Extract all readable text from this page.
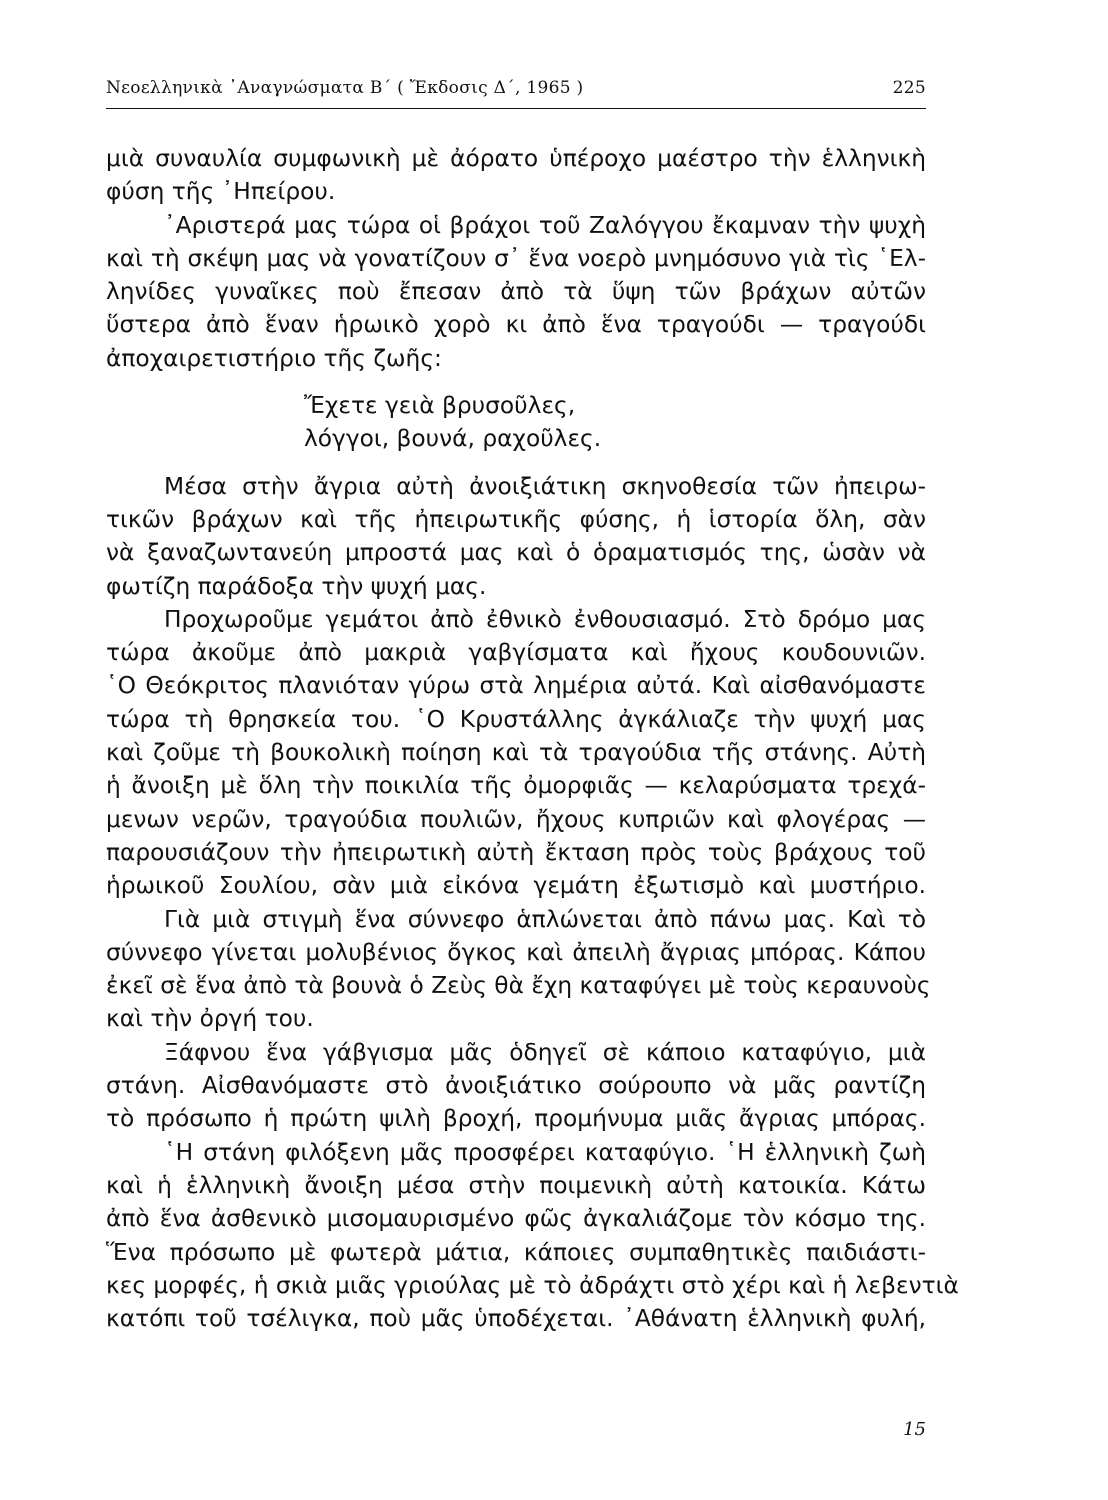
Νεοελληνικὰ ᾿Αναγνώσματα Β΄ ( Ἔκδοσις Δ΄, 1965 )	225
μιὰ συναυλία συμφωνικὴ μὲ ἀόρατο ὑπέροχο μαέστρο τὴν ἑλληνικὴ
φύση τῆς ᾿Ηπείρου.
᾿Αριστερά μας τώρα οἱ βράχοι τοῦ Ζαλόγγου ἔκαμναν τὴν ψυχὴ
καὶ τὴ σκέψη μας νὰ γονατίζουν σ᾿ ἕνα νοερὸ μνημόσυνο γιὰ τὶς ῾Ελ-
ληνίδες γυναῖκες ποὺ ἔπεσαν ἀπὸ τὰ ὕψη τῶν βράχων αὐτῶν
ὕστερα ἀπὸ ἕναν ἡρωικὸ χορὸ κι ἀπὸ ἕνα τραγούδι — τραγούδι
ἀποχαιρετιστήριο τῆς ζωῆς:
Ἔχετε γειὰ βρυσοῦλες,
λόγγοι, βουνά, ραχοῦλες.
Μέσα στὴν ἄγρια αὐτὴ ἀνοιξιάτικη σκηνοθεσία τῶν ἠπειρω-
τικῶν βράχων καὶ τῆς ἠπειρωτικῆς φύσης, ἡ ἱστορία ὅλη, σὰν
νὰ ξαναζωντανεύη μπροστά μας καὶ ὁ ὁραματισμός της, ὡσὰν νὰ
φωτίζη παράδοξα τὴν ψυχή μας.
Προχωροῦμε γεμάτοι ἀπὸ ἐθνικὸ ἐνθουσιασμό. Στὸ δρόμο μας
τώρα ἀκοῦμε ἀπὸ μακριὰ γαβγίσματα καὶ ἤχους κουδουνιῶν.
῾Ο Θεόκριτος πλανιόταν γύρω στὰ λημέρια αὐτά. Καὶ αἰσθανόμαστε
τώρα τὴ θρησκεία του. ῾Ο Κρυστάλλης ἀγκάλιαζε τὴν ψυχή μας
καὶ ζοῦμε τὴ βουκολικὴ ποίηση καὶ τὰ τραγούδια τῆς στάνης. Αὐτὴ
ἡ ἄνοιξη μὲ ὅλη τὴν ποικιλία τῆς ὀμορφιᾶς — κελαρύσματα τρεχά-
μενων νερῶν, τραγούδια πουλιῶν, ἤχους κυπριῶν καὶ φλογέρας —
παρουσιάζουν τὴν ἠπειρωτικὴ αὐτὴ ἔκταση πρὸς τοὺς βράχους τοῦ
ἡρωικοῦ Σουλίου, σὰν μιὰ εἰκόνα γεμάτη ἐξωτισμὸ καὶ μυστήριο.
Γιὰ μιὰ στιγμὴ ἕνα σύννεφο ἁπλώνεται ἀπὸ πάνω μας. Καὶ τὸ
σύννεφο γίνεται μολυβένιος ὄγκος καὶ ἀπειλὴ ἄγριας μπόρας. Κάπου
ἐκεῖ σὲ ἕνα ἀπὸ τὰ βουνὰ ὁ Ζεὺς θὰ ἔχη καταφύγει μὲ τοὺς κεραυνοὺς
καὶ τὴν ὀργή του.
Ξάφνου ἕνα γάβγισμα μᾶς ὁδηγεῖ σὲ κάποιο καταφύγιο, μιὰ
στάνη. Αἰσθανόμαστε στὸ ἀνοιξιάτικο σούρουπο νὰ μᾶς ραντίζη
τὸ πρόσωπο ἡ πρώτη ψιλὴ βροχή, προμήνυμα μιᾶς ἄγριας μπόρας.
῾Η στάνη φιλόξενη μᾶς προσφέρει καταφύγιο. ῾Η ἑλληνικὴ ζωὴ
καὶ ἡ ἑλληνικὴ ἄνοιξη μέσα στὴν ποιμενικὴ αὐτὴ κατοικία. Κάτω
ἀπὸ ἕνα ἀσθενικὸ μισομαυρισμένο φῶς ἀγκαλιάζομε τὸν κόσμο της.
Ἕνα πρόσωπο μὲ φωτερὰ μάτια, κάποιες συμπαθητικὲς παιδιάστι-
κες μορφές, ἡ σκιὰ μιᾶς γριούλας μὲ τὸ ἀδράχτι στὸ χέρι καὶ ἡ λεβεντιὰ
κατόπι τοῦ τσέλιγκα, ποὺ μᾶς ὑποδέχεται. ᾿Αθάνατη ἑλληνικὴ φυλή,
15
